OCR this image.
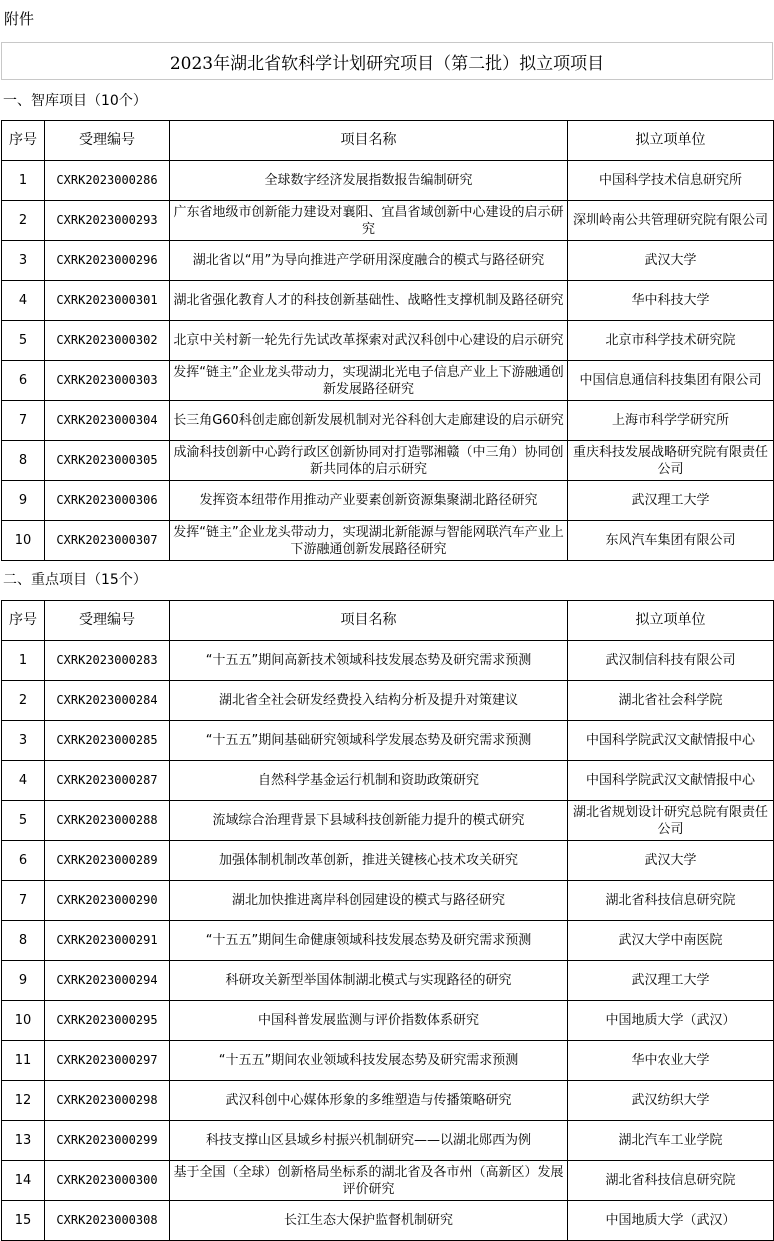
附件
2023年湖北省软科学计划研究项目（第二批）拟立项项目
一、智库项目（10个）
序号	受理编号	项目名称	拟立项单位
1	CXRK2023000286	全球数字经济发展指数报告编制研究	中国科学技术信息研究所
2	CXRK2023000293	广东省地级市创新能力建设对襄阳、宜昌省域创新中心建设的启示研究	深圳岭南公共管理研究院有限公司
3	CXRK2023000296	湖北省以“用”为导向推进产学研用深度融合的模式与路径研究	武汉大学
4	CXRK2023000301	湖北省强化教育人才的科技创新基础性、战略性支撑机制及路径研究	华中科技大学
5	CXRK2023000302	北京中关村新一轮先行先试改革探索对武汉科创中心建设的启示研究	北京市科学技术研究院
6	CXRK2023000303	发挥“链主”企业龙头带动力，实现湖北光电子信息产业上下游融通创新发展路径研究	中国信息通信科技集团有限公司
7	CXRK2023000304	长三角G60科创走廊创新发展机制对光谷科创大走廊建设的启示研究	上海市科学学研究所
8	CXRK2023000305	成渝科技创新中心跨行政区创新协同对打造鄂湘赣（中三角）协同创新共同体的启示研究	重庆科技发展战略研究院有限责任公司
9	CXRK2023000306	发挥资本纽带作用推动产业要素创新资源集聚湖北路径研究	武汉理工大学
10	CXRK2023000307	发挥“链主”企业龙头带动力，实现湖北新能源与智能网联汽车产业上下游融通创新发展路径研究	东风汽车集团有限公司
二、重点项目（15个）
序号	受理编号	项目名称	拟立项单位
1	CXRK2023000283	“十五五”期间高新技术领域科技发展态势及研究需求预测	武汉制信科技有限公司
2	CXRK2023000284	湖北省全社会研发经费投入结构分析及提升对策建议	湖北省社会科学院
3	CXRK2023000285	“十五五”期间基础研究领域科学发展态势及研究需求预测	中国科学院武汉文献情报中心
4	CXRK2023000287	自然科学基金运行机制和资助政策研究	中国科学院武汉文献情报中心
5	CXRK2023000288	流域综合治理背景下县域科技创新能力提升的模式研究	湖北省规划设计研究总院有限责任公司
6	CXRK2023000289	加强体制机制改革创新，推进关键核心技术攻关研究	武汉大学
7	CXRK2023000290	湖北加快推进离岸科创园建设的模式与路径研究	湖北省科技信息研究院
8	CXRK2023000291	“十五五”期间生命健康领域科技发展态势及研究需求预测	武汉大学中南医院
9	CXRK2023000294	科研攻关新型举国体制湖北模式与实现路径的研究	武汉理工大学
10	CXRK2023000295	中国科普发展监测与评价指数体系研究	中国地质大学（武汉）
11	CXRK2023000297	“十五五”期间农业领域科技发展态势及研究需求预测	华中农业大学
12	CXRK2023000298	武汉科创中心媒体形象的多维塑造与传播策略研究	武汉纺织大学
13	CXRK2023000299	科技支撑山区县域乡村振兴机制研究——以湖北郧西为例	湖北汽车工业学院
14	CXRK2023000300	基于全国（全球）创新格局坐标系的湖北省及各市州（高新区）发展评价研究	湖北省科技信息研究院
15	CXRK2023000308	长江生态大保护监督机制研究	中国地质大学（武汉）
